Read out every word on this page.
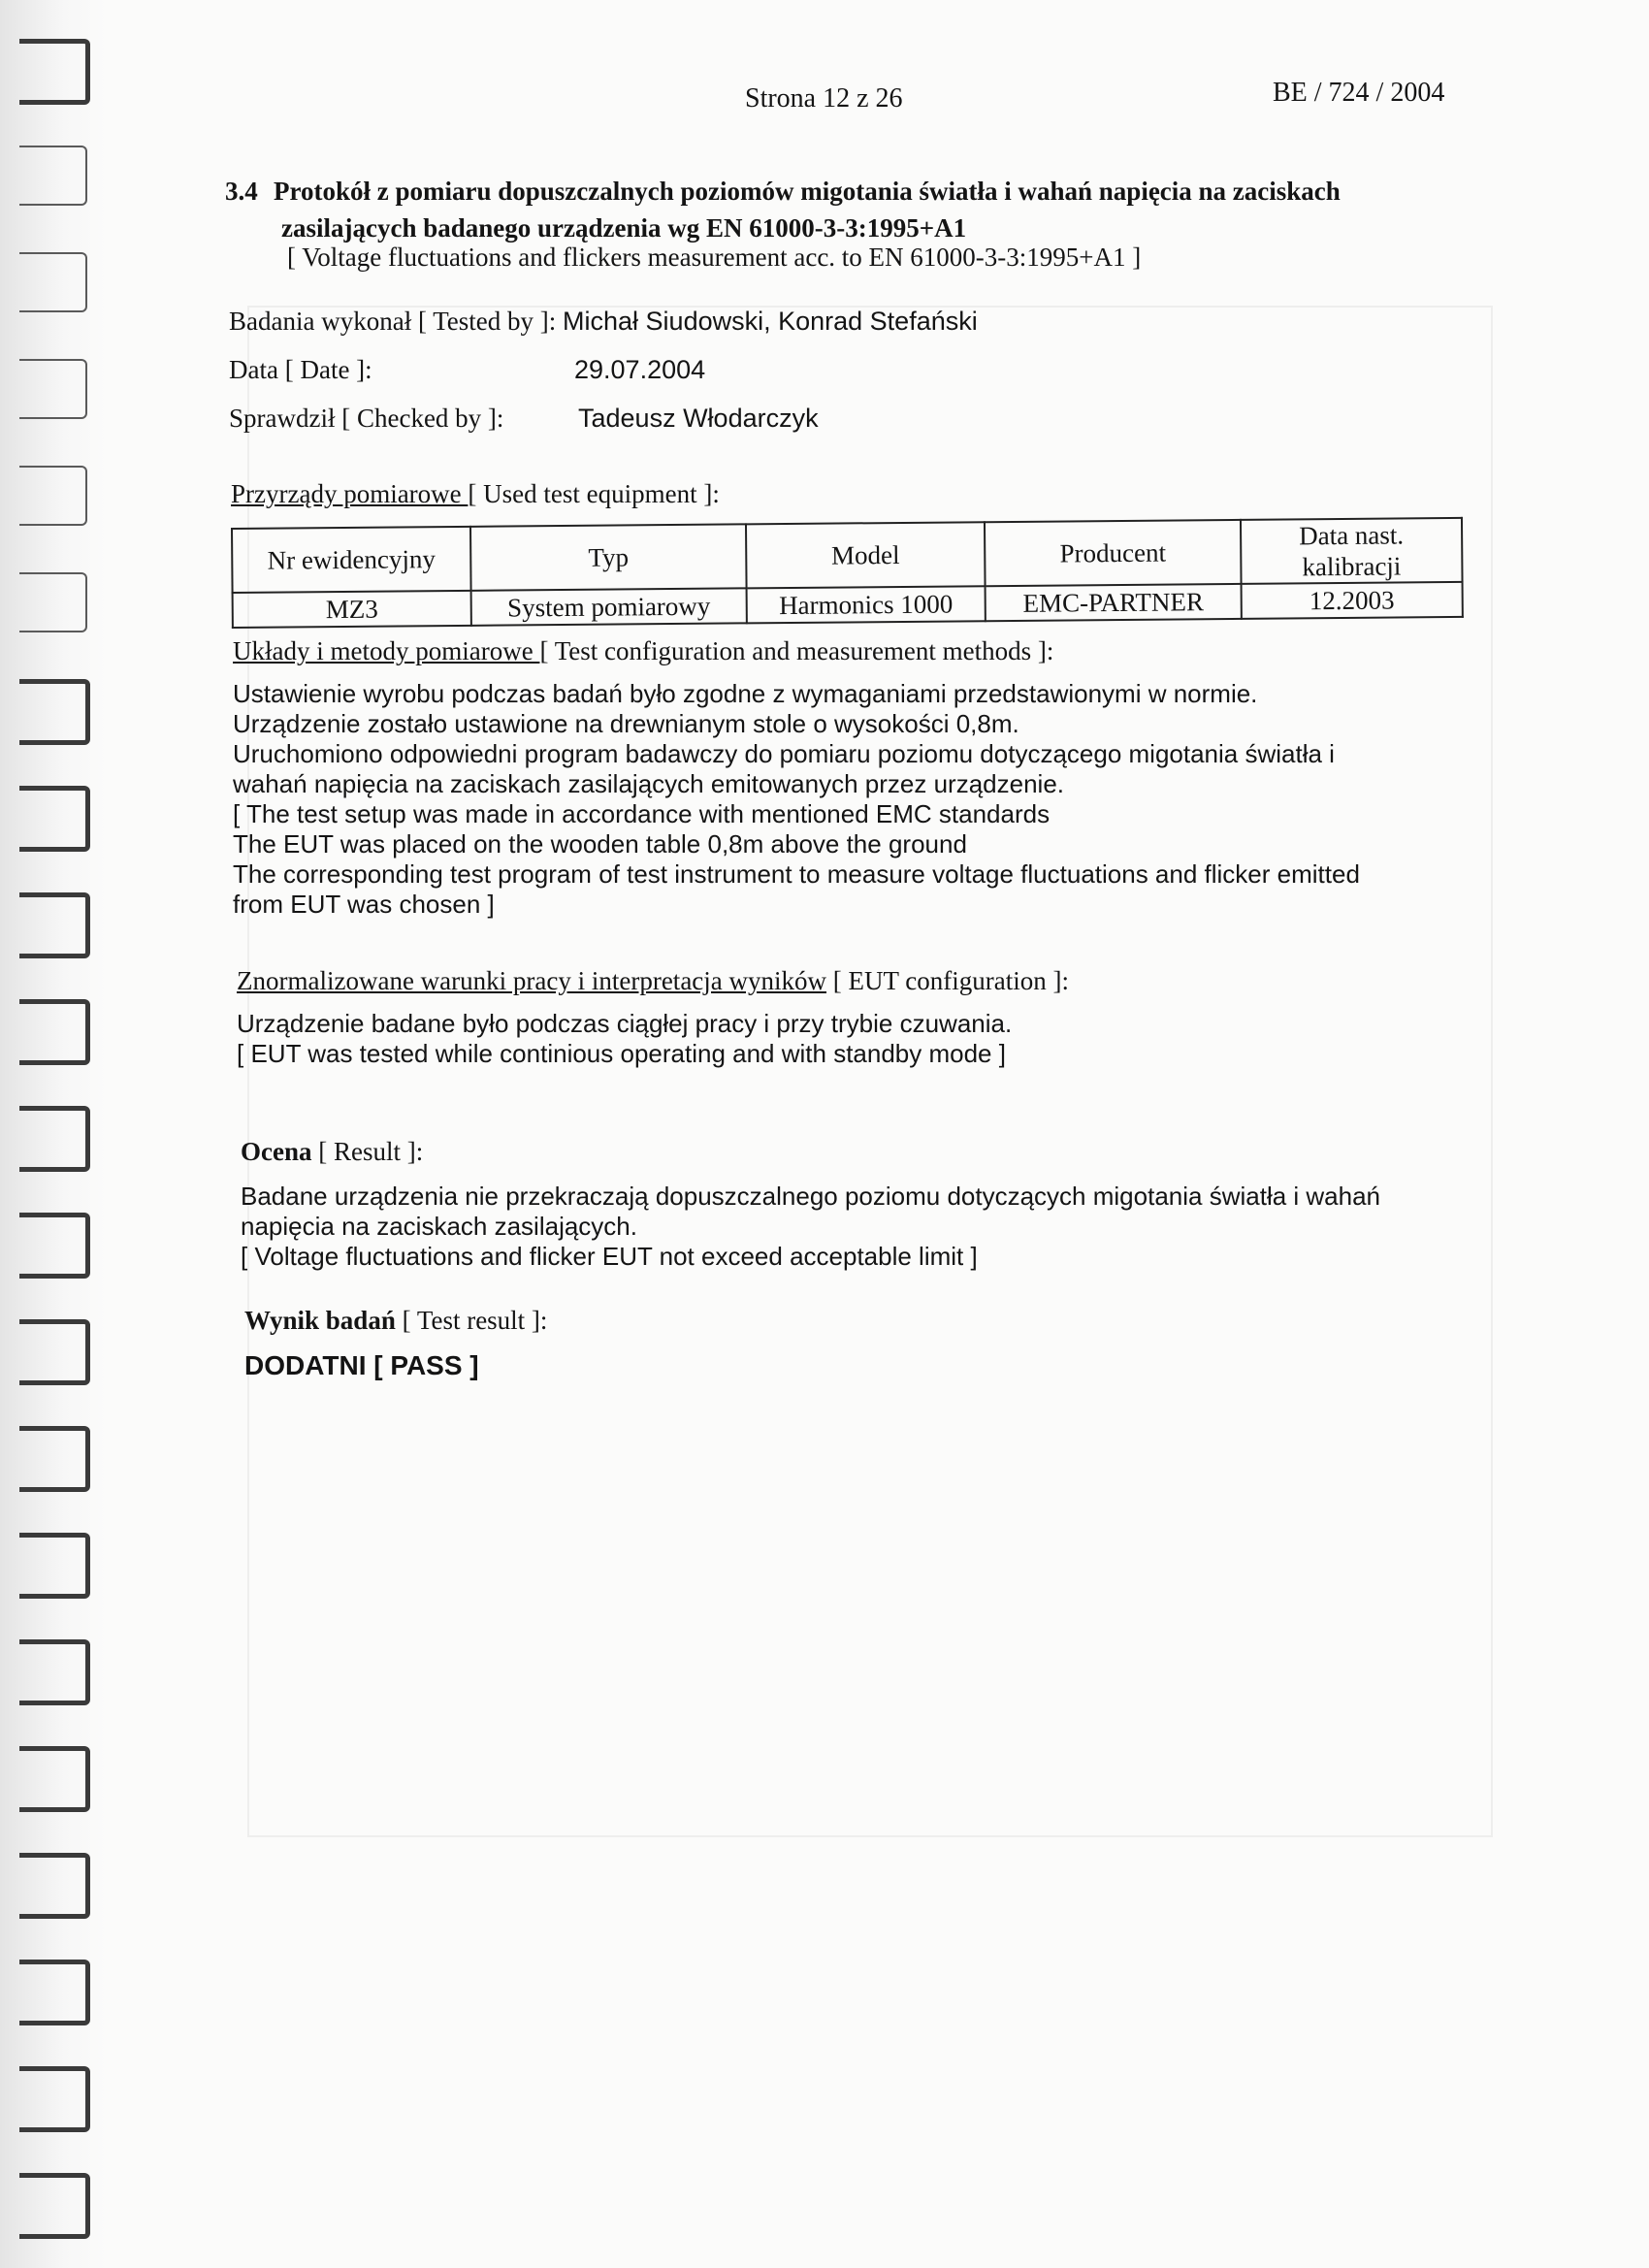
Strona 12 z 26	BE / 724 / 2004
3.4 Protokół z pomiaru dopuszczalnych poziomów migotania światła i wahań napięcia na zaciskach
zasilających badanego urządzenia wg EN 61000-3-3:1995+A1
[ Voltage fluctuations and flickers measurement acc. to EN 61000-3-3:1995+A1 ]
Badania wykonał [ Tested by ]: Michał Siudowski, Konrad Stefański
Data [ Date ]:	29.07.2004
Sprawdził [ Checked by ]:	Tadeusz Włodarczyk
Przyrządy pomiarowe [ Used test equipment ]:
Nr ewidencyjny	Typ	Model	Producent	Data nast. kalibracji
MZ3	System pomiarowy	Harmonics 1000	EMC-PARTNER	12.2003
Układy i metody pomiarowe [ Test configuration and measurement methods ]:
Ustawienie wyrobu podczas badań było zgodne z wymaganiami przedstawionymi w normie.
Urządzenie zostało ustawione na drewnianym stole o wysokości 0,8m.
Uruchomiono odpowiedni program badawczy do pomiaru poziomu dotyczącego migotania światła i
wahań napięcia na zaciskach zasilających emitowanych przez urządzenie.
[ The test setup was made in accordance with mentioned EMC standards
The EUT was placed on the wooden table 0,8m above the ground
The corresponding test program of test instrument to measure voltage fluctuations and flicker emitted
from EUT was chosen ]
Znormalizowane warunki pracy i interpretacja wyników [ EUT configuration ]:
Urządzenie badane było podczas ciągłej pracy i przy trybie czuwania.
[ EUT was tested while continious operating and with standby mode ]
Ocena [ Result ]:
Badane urządzenia nie przekraczają dopuszczalnego poziomu dotyczących migotania światła i wahań
napięcia na zaciskach zasilających.
[ Voltage fluctuations and flicker EUT not exceed acceptable limit ]
Wynik badań [ Test result ]:
DODATNI [ PASS ]
